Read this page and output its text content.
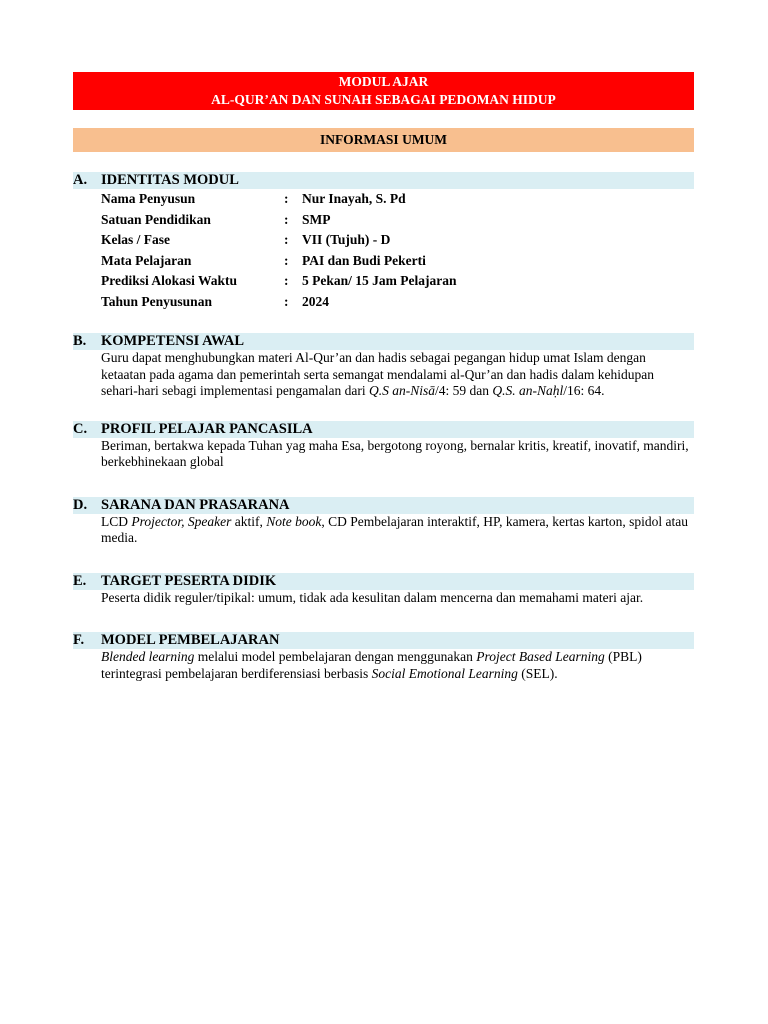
MODUL AJAR
AL-QUR’AN DAN SUNAH SEBAGAI PEDOMAN HIDUP
INFORMASI UMUM
A. IDENTITAS MODUL
Nama Penyusun	:	Nur Inayah, S. Pd
Satuan Pendidikan	:	SMP
Kelas / Fase	:	VII (Tujuh) - D
Mata Pelajaran	:	PAI dan Budi Pekerti
Prediksi Alokasi Waktu	:	5 Pekan/ 15 Jam Pelajaran
Tahun Penyusunan	:	2024
B.	KOMPETENSI AWAL
Guru dapat menghubungkan materi Al-Qur’an dan hadis sebagai pegangan hidup umat Islam dengan ketaatan pada agama dan pemerintah serta semangat mendalami al-Qur’an dan hadis dalam kehidupan sehari-hari sebagi implementasi pengamalan dari Q.S an-Nisā/4: 59 dan Q.S. an-Naḥl/16: 64.
C. PROFIL PELAJAR PANCASILA
Beriman, bertakwa kepada Tuhan yag maha Esa, bergotong royong, bernalar kritis, kreatif, inovatif, mandiri, berkebhinekaan global
D. SARANA DAN PRASARANA
LCD Projector, Speaker aktif, Note book, CD Pembelajaran interaktif, HP, kamera, kertas karton, spidol atau media.
E.	TARGET PESERTA DIDIK
Peserta didik reguler/tipikal: umum, tidak ada kesulitan dalam mencerna dan memahami materi ajar.
F.	MODEL PEMBELAJARAN
Blended learning melalui model pembelajaran dengan menggunakan Project Based Learning (PBL) terintegrasi pembelajaran berdiferensiasi berbasis Social Emotional Learning (SEL).
